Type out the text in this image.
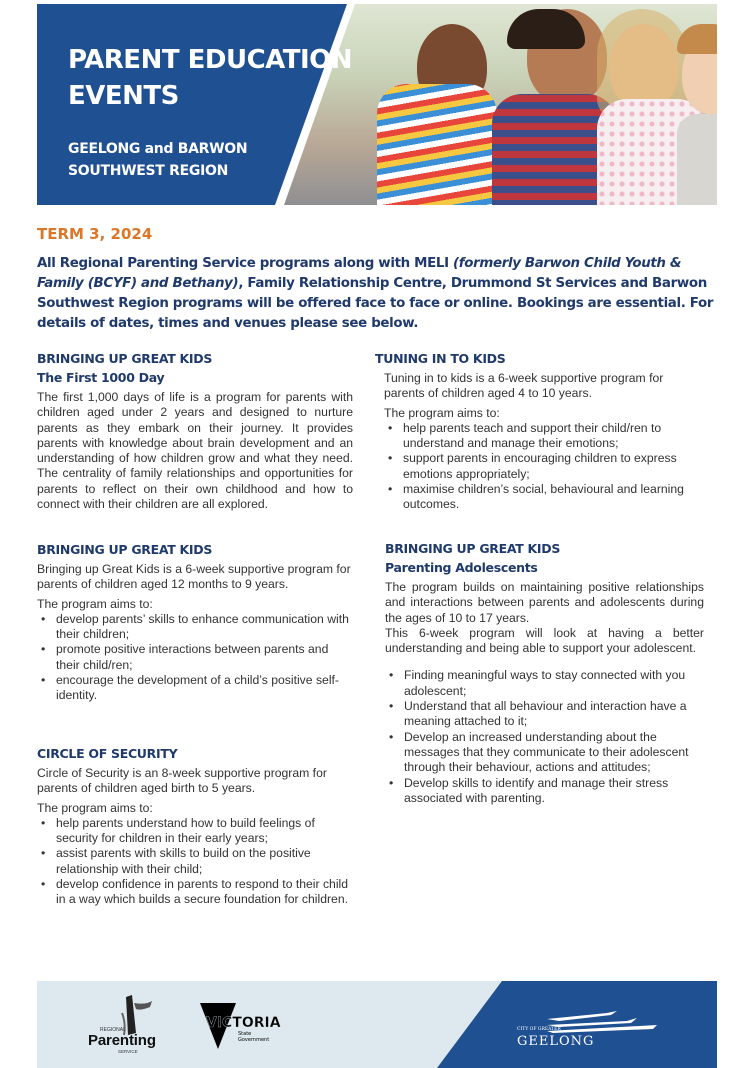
PARENT EDUCATION
EVENTS
GEELONG and BARWON
SOUTHWEST REGION
TERM 3, 2024
All Regional Parenting Service programs along with MELI (formerly Barwon Child Youth & Family (BCYF) and Bethany), Family Relationship Centre, Drummond St Services and Barwon Southwest Region programs will be offered face to face or online. Bookings are essential. For details of dates, times and venues please see below.
BRINGING UP GREAT KIDS
The First 1000 Day

The first 1,000 days of life is a program for parents with children aged under 2 years and designed to nurture parents as they embark on their journey. It provides parents with knowledge about brain development and an understanding of how children grow and what they need. The centrality of family relationships and opportunities for parents to reflect on their own childhood and how to connect with their children are all explored.

BRINGING UP GREAT KIDS

Bringing up Great Kids is a 6-week supportive program for parents of children aged 12 months to 9 years.

The program aims to:

• develop parents’ skills to enhance communication with their children;
• promote positive interactions between parents and their child/ren;
• encourage the development of a child’s positive self-identity.
CIRCLE OF SECURITY

Circle of Security is an 8-week supportive program for parents of children aged birth to 5 years.

The program aims to:

• help parents understand how to build feelings of security for children in their early years;
• assist parents with skills to build on the positive relationship with their child;
• develop confidence in parents to respond to their child in a way which builds a secure foundation for children.
TUNING IN TO KIDS

Tuning in to kids is a 6-week supportive program for parents of children aged 4 to 10 years.

The program aims to:

• help parents teach and support their child/ren to understand and manage their emotions;
• support parents in encouraging children to express emotions appropriately;
• maximise children’s social, behavioural and learning outcomes.
BRINGING UP GREAT KIDS
Parenting Adolescents

The program builds on maintaining positive relationships and interactions between parents and adolescents during the ages of 10 to 17 years.

This 6-week program will look at having a better understanding and being able to support your adolescent.

• Finding meaningful ways to stay connected with you adolescent;
• Understand that all behaviour and interaction have a meaning attached to it;
• Develop an increased understanding about the messages that they communicate to their adolescent through their behaviour, actions and attitudes;
• Develop skills to identify and manage their stress associated with parenting.
REGIONAL
Parenting
SERVICE
VICTORIA
State
Government
CITY OF GREATER
GEELONG
